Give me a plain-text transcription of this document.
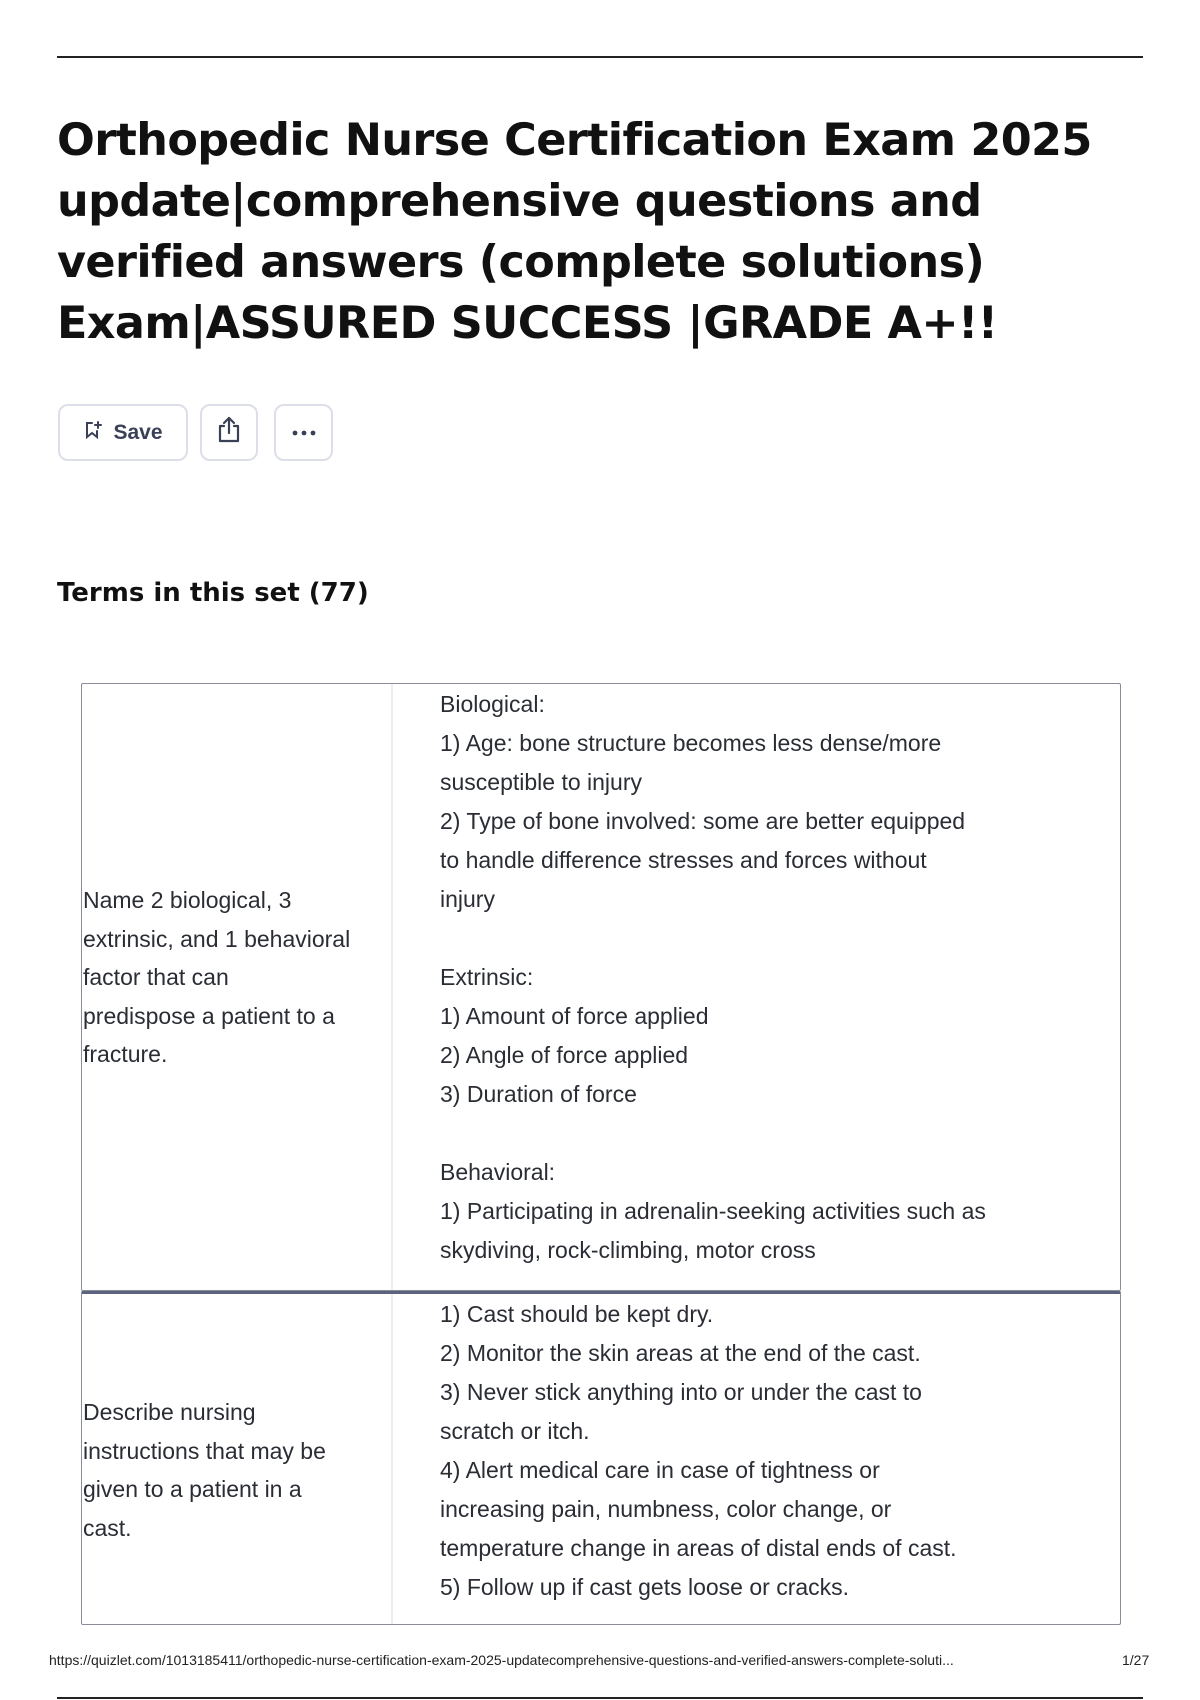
Orthopedic Nurse Certification Exam 2025 update|comprehensive questions and verified answers (complete solutions) Exam|ASSURED SUCCESS |GRADE A+!!
Save
Terms in this set (77)
Name 2 biological, 3
extrinsic, and 1 behavioral
factor that can
predispose a patient to a
fracture.
Biological:
1) Age: bone structure becomes less dense/more
susceptible to injury
2) Type of bone involved: some are better equipped
to handle difference stresses and forces without
injury

Extrinsic:
1) Amount of force applied
2) Angle of force applied
3) Duration of force

Behavioral:
1) Participating in adrenalin-seeking activities such as
skydiving, rock-climbing, motor cross
Describe nursing
instructions that may be
given to a patient in a
cast.
1) Cast should be kept dry.
2) Monitor the skin areas at the end of the cast.
3) Never stick anything into or under the cast to
scratch or itch.
4) Alert medical care in case of tightness or
increasing pain, numbness, color change, or
temperature change in areas of distal ends of cast.
5) Follow up if cast gets loose or cracks.
https://quizlet.com/1013185411/orthopedic-nurse-certification-exam-2025-updatecomprehensive-questions-and-verified-answers-complete-soluti...	1/27
